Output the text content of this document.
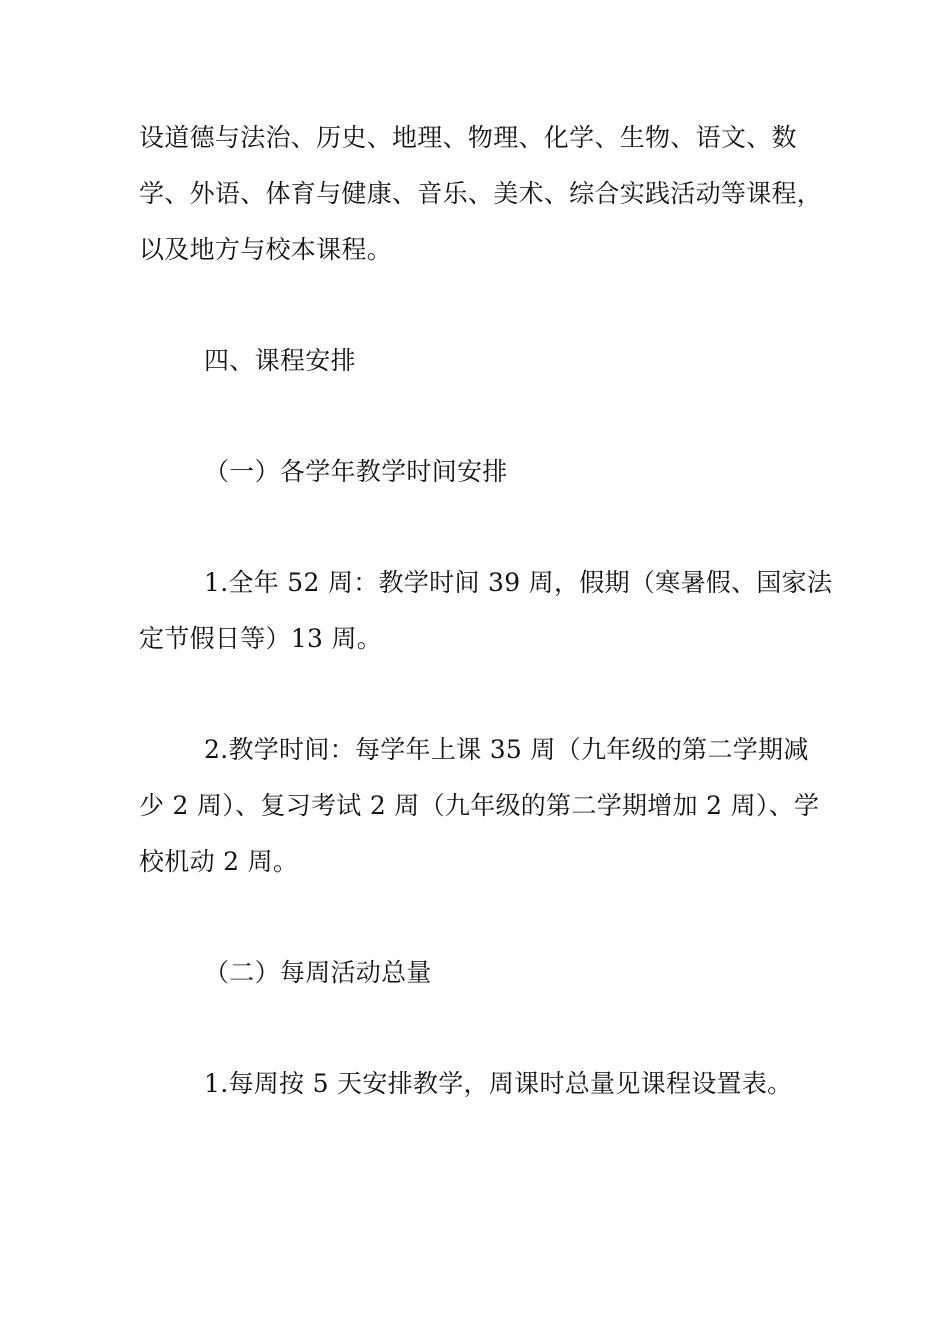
设道德与法治、历史、地理、物理、化学、生物、语文、数
学、外语、体育与健康、音乐、美术、综合实践活动等课程，
以及地方与校本课程。
四、课程安排
（一）各学年教学时间安排
1.全年 52 周：教学时间 39 周，假期（寒暑假、国家法
定节假日等）13 周。
2.教学时间：每学年上课 35 周（九年级的第二学期减
少 2 周）、复习考试 2 周（九年级的第二学期增加 2 周）、学
校机动 2 周。
（二）每周活动总量
1.每周按 5 天安排教学，周课时总量见课程设置表。
